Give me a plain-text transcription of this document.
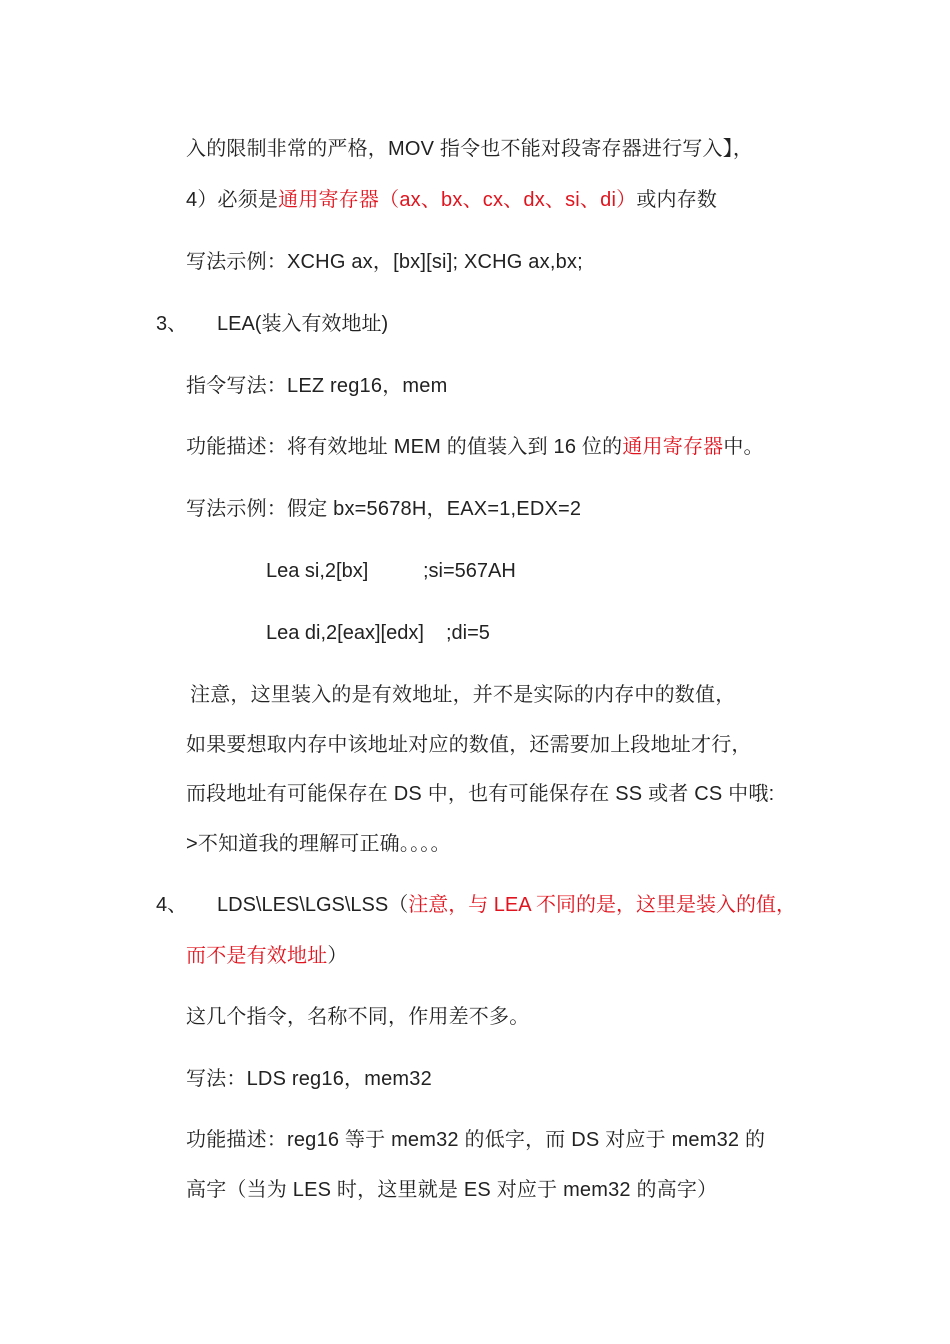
入的限制非常的严格，MOV 指令也不能对段寄存器进行写入】，
4）必须是通用寄存器（ax、bx、cx、dx、si、di）或内存数
写法示例：XCHG ax，[bx][si]; XCHG ax,bx;
3、 LEA(装入有效地址)
指令写法：LEZ reg16，mem
功能描述：将有效地址 MEM 的值装入到 16 位的通用寄存器中。
写法示例：假定 bx=5678H，EAX=1,EDX=2
Lea si,2[bx]	;si=567AH
Lea di,2[eax][edx] ;di=5
注意，这里装入的是有效地址，并不是实际的内存中的数值，
如果要想取内存中该地址对应的数值，还需要加上段地址才行，
而段地址有可能保存在 DS 中，也有可能保存在 SS 或者 CS 中哦:
>不知道我的理解可正确。。。。
4、 LDS\LES\LGS\LSS（注意，与 LEA 不同的是，这里是装入的值，
而不是有效地址）
这几个指令，名称不同，作用差不多。
写法：LDS reg16，mem32
功能描述：reg16 等于 mem32 的低字，而 DS 对应于 mem32 的
高字（当为 LES 时，这里就是 ES 对应于 mem32 的高字）
